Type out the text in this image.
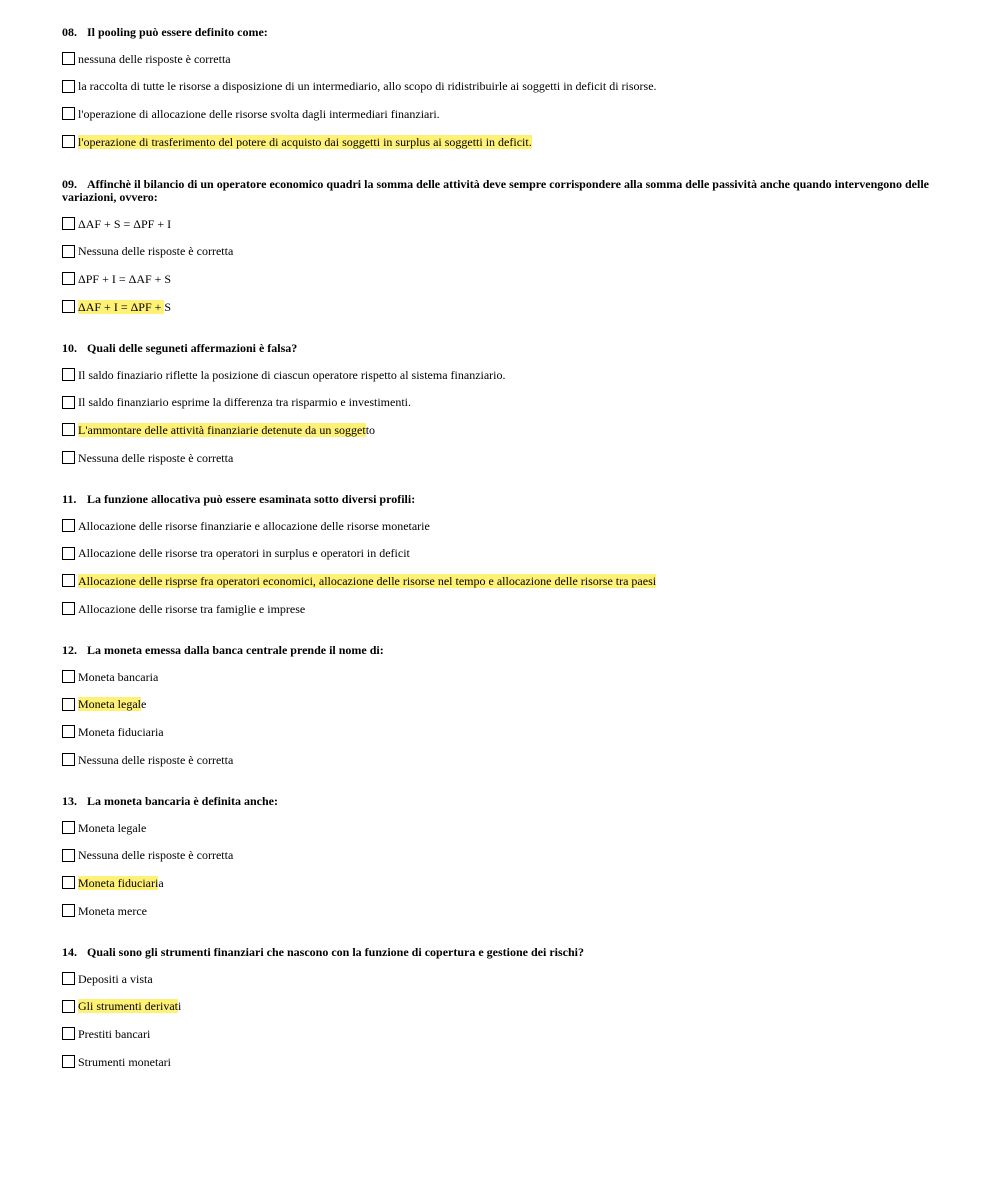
08. Il pooling può essere definito come:
nessuna delle risposte è corretta
la raccolta di tutte le risorse a disposizione di un intermediario, allo scopo di ridistribuirle ai soggetti in deficit di risorse.
l'operazione di allocazione delle risorse svolta dagli intermediari finanziari.
l'operazione di trasferimento del potere di acquisto dai soggetti in surplus ai soggetti in deficit.
09. Affinchè il bilancio di un operatore economico quadri la somma delle attività deve sempre corrispondere alla somma delle passività anche quando intervengono delle variazioni, ovvero:
ΔAF + S = ΔPF + I
Nessuna delle risposte è corretta
ΔPF + I = ΔAF + S
ΔAF + I = ΔPF + S
10. Quali delle seguneti affermazioni è falsa?
Il saldo finaziario riflette la posizione di ciascun operatore rispetto al sistema finanziario.
Il saldo finanziario esprime la differenza tra risparmio e investimenti.
L'ammontare delle attività finanziarie detenute da un soggetto
Nessuna delle risposte è corretta
11. La funzione allocativa può essere esaminata sotto diversi profili:
Allocazione delle risorse finanziarie e allocazione delle risorse monetarie
Allocazione delle risorse tra operatori in surplus e operatori in deficit
Allocazione delle risprse fra operatori economici, allocazione delle risorse nel tempo e allocazione delle risorse tra paesi
Allocazione delle risorse tra famiglie e imprese
12. La moneta emessa dalla banca centrale prende il nome di:
Moneta bancaria
Moneta legale
Moneta fiduciaria
Nessuna delle risposte è corretta
13. La moneta bancaria è definita anche:
Moneta legale
Nessuna delle risposte è corretta
Moneta fiduciaria
Moneta merce
14. Quali sono gli strumenti finanziari che nascono con la funzione di copertura e gestione dei rischi?
Depositi a vista
Gli strumenti derivati
Prestiti bancari
Strumenti monetari
